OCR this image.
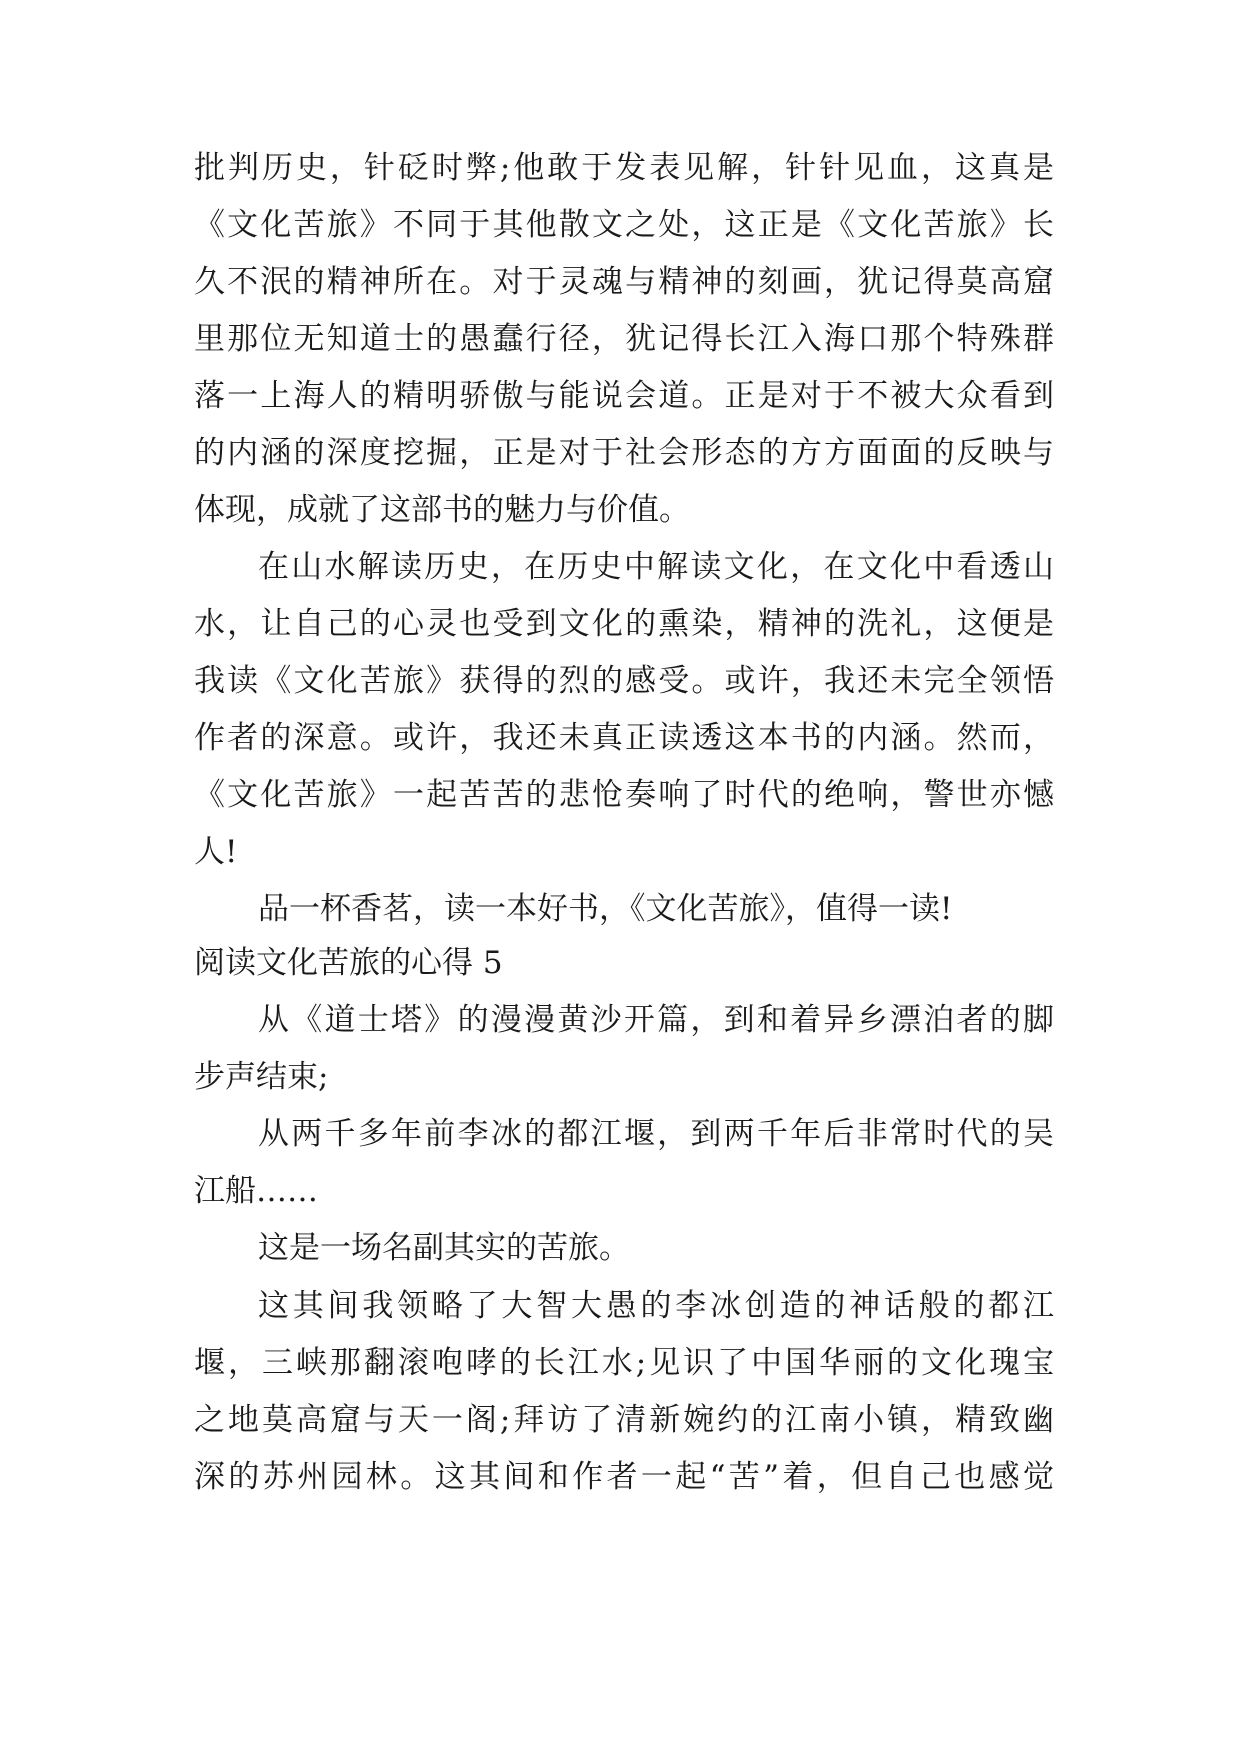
批判历史，针砭时弊;他敢于发表见解，针针见血，这真是

《文化苦旅》不同于其他散文之处，这正是《文化苦旅》长

久不泯的精神所在。对于灵魂与精神的刻画，犹记得莫高窟

里那位无知道士的愚蠢行径，犹记得长江入海口那个特殊群

落一上海人的精明骄傲与能说会道。正是对于不被大众看到

的内涵的深度挖掘，正是对于社会形态的方方面面的反映与

体现，成就了这部书的魅力与价值。

在山水解读历史，在历史中解读文化，在文化中看透山

水，让自己的心灵也受到文化的熏染，精神的洗礼，这便是

我读《文化苦旅》获得的烈的感受。或许，我还未完全领悟

作者的深意。或许，我还未真正读透这本书的内涵。然而，

《文化苦旅》一起苦苦的悲怆奏响了时代的绝响，警世亦憾

人!

品一杯香茗，读一本好书，《文化苦旅》，值得一读!

阅读文化苦旅的心得 5

从《道士塔》的漫漫黄沙开篇，到和着异乡漂泊者的脚

步声结束;

从两千多年前李冰的都江堰，到两千年后非常时代的吴

江船……

这是一场名副其实的苦旅。

这其间我领略了大智大愚的李冰创造的神话般的都江

堰，三峡那翻滚咆哮的长江水;见识了中国华丽的文化瑰宝

之地莫高窟与天一阁;拜访了清新婉约的江南小镇，精致幽

深的苏州园林。这其间和作者一起“苦”着，但自己也感觉
